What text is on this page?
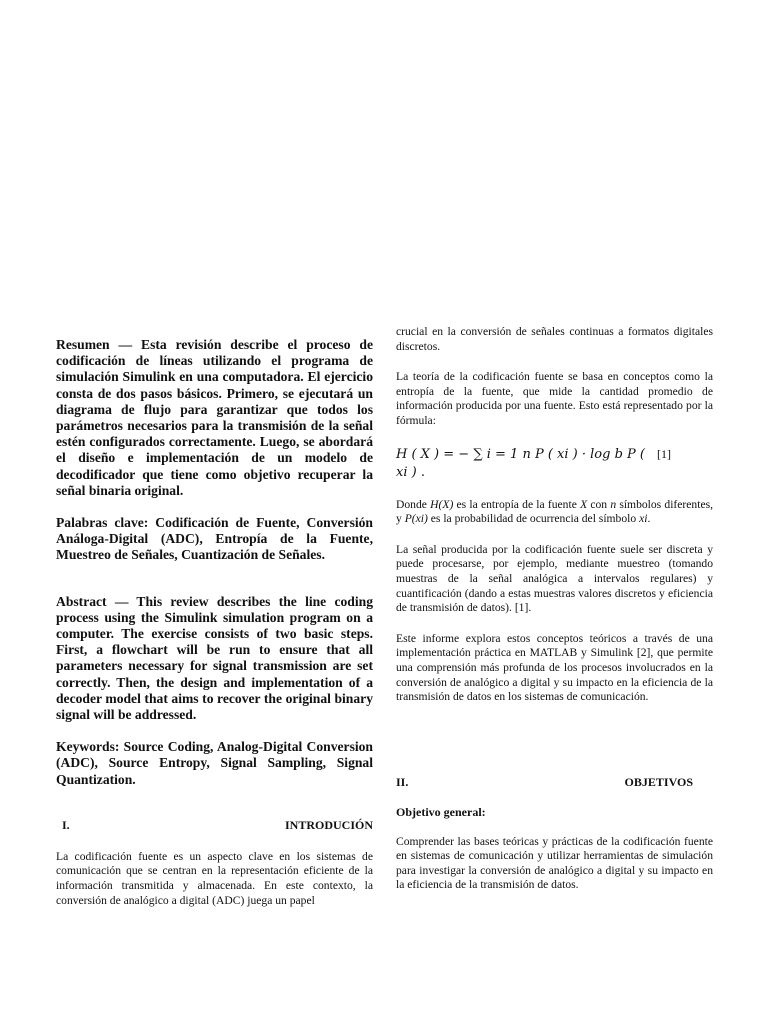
Resumen — Esta revisión describe el proceso de codificación de líneas utilizando el programa de simulación Simulink en una computadora. El ejercicio consta de dos pasos básicos. Primero, se ejecutará un diagrama de flujo para garantizar que todos los parámetros necesarios para la transmisión de la señal estén configurados correctamente. Luego, se abordará el diseño e implementación de un modelo de decodificador que tiene como objetivo recuperar la señal binaria original.

Palabras clave: Codificación de Fuente, Conversión Análoga-Digital (ADC), Entropía de la Fuente, Muestreo de Señales, Cuantización de Señales.

Abstract — This review describes the line coding process using the Simulink simulation program on a computer. The exercise consists of two basic steps. First, a flowchart will be run to ensure that all parameters necessary for signal transmission are set correctly. Then, the design and implementation of a decoder model that aims to recover the original binary signal will be addressed.

Keywords: Source Coding, Analog-Digital Conversion (ADC), Source Entropy, Signal Sampling, Signal Quantization.

I.	INTRODUCIÓN

La codificación fuente es un aspecto clave en los sistemas de comunicación que se centran en la representación eficiente de la información transmitida y almacenada. En este contexto, la conversión de analógico a digital (ADC) juega un papel

crucial en la conversión de señales continuas a formatos digitales discretos.

La teoría de la codificación fuente se basa en conceptos como la entropía de la fuente, que mide la cantidad promedio de información producida por una fuente. Esto está representado por la fórmula:

H ( X ) = − ∑ i = 1 n P ( xi ) · log b P ( xi ) .
[1]

Donde H(X) es la entropía de la fuente X con n símbolos diferentes, y P(xi) es la probabilidad de ocurrencia del símbolo xi.

La señal producida por la codificación fuente suele ser discreta y puede procesarse, por ejemplo, mediante muestreo (tomando muestras de la señal analógica a intervalos regulares) y cuantificación (dando a estas muestras valores discretos y eficiencia de transmisión de datos). [1].

Este informe explora estos conceptos teóricos a través de una implementación práctica en MATLAB y Simulink [2], que permite una comprensión más profunda de los procesos involucrados en la conversión de analógico a digital y su impacto en la eficiencia de la transmisión de datos en los sistemas de comunicación.

II.	OBJETIVOS

Objetivo general:

Comprender las bases teóricas y prácticas de la codificación fuente en sistemas de comunicación y utilizar herramientas de simulación para investigar la conversión de analógico a digital y su impacto en la eficiencia de la transmisión de datos.
